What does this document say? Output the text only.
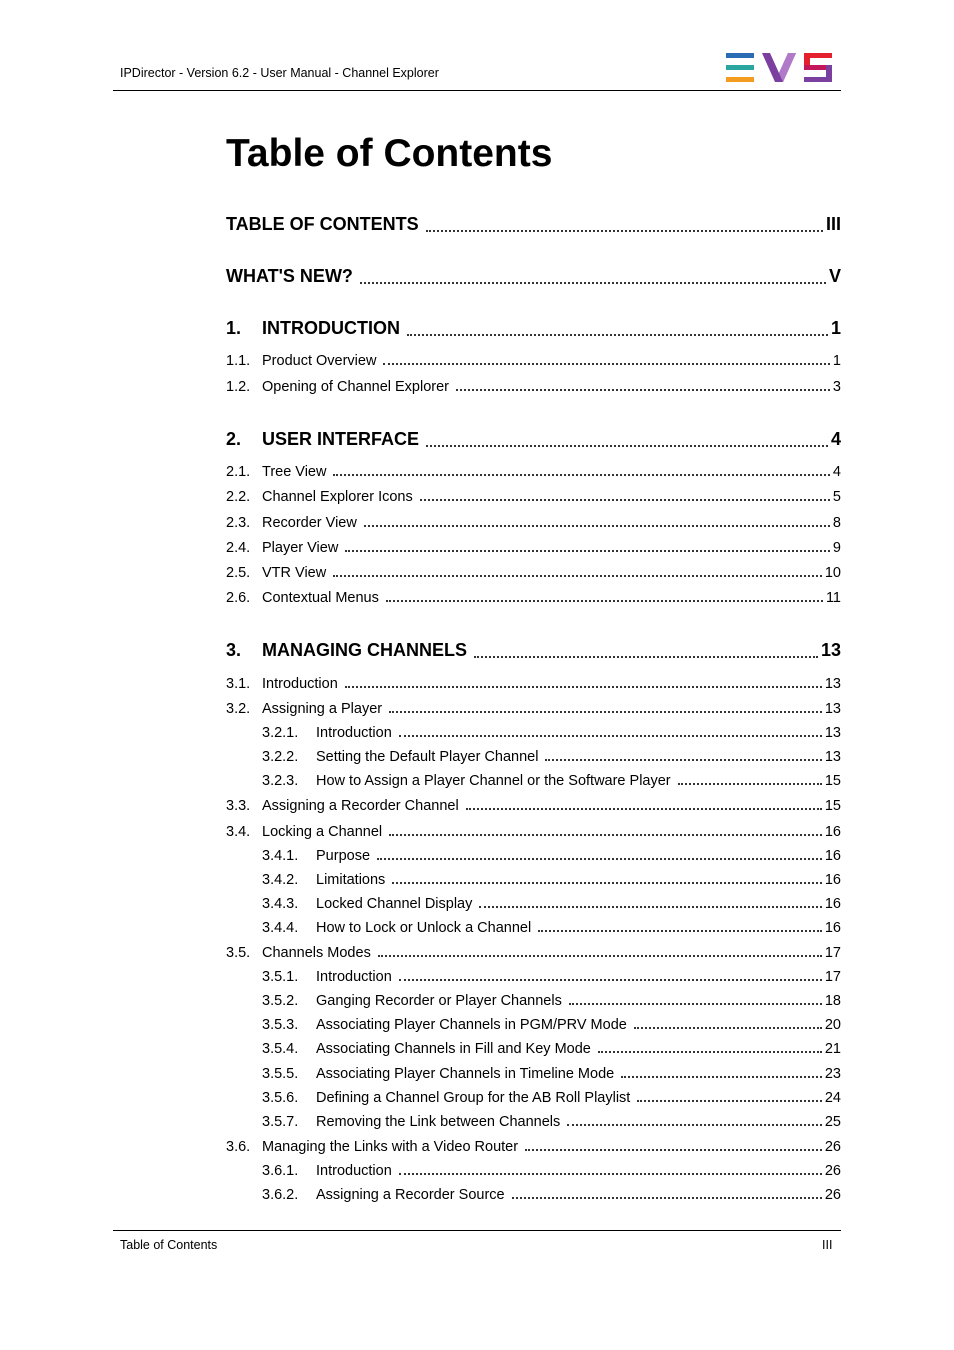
IPDirector - Version 6.2 - User Manual - Channel Explorer
Table of Contents
TABLE OF CONTENTS	III
WHAT'S NEW?	V
1.	INTRODUCTION	1
1.1. Product Overview	1
1.2. Opening of Channel Explorer	3
2.	USER INTERFACE	4
2.1. Tree View	4
2.2. Channel Explorer Icons	5
2.3. Recorder View	8
2.4. Player View	9
2.5. VTR View	10
2.6. Contextual Menus	11
3.	MANAGING CHANNELS	13
3.1. Introduction	13
3.2. Assigning a Player	13
3.2.1.	Introduction	13
3.2.2.	Setting the Default Player Channel	13
3.2.3.	How to Assign a Player Channel or the Software Player	15
3.3. Assigning a Recorder Channel	15
3.4. Locking a Channel	16
3.4.1.	Purpose	16
3.4.2.	Limitations	16
3.4.3.	Locked Channel Display	16
3.4.4.	How to Lock or Unlock a Channel	16
3.5. Channels Modes	17
3.5.1.	Introduction	17
3.5.2.	Ganging Recorder or Player Channels	18
3.5.3.	Associating Player Channels in PGM/PRV Mode	20
3.5.4.	Associating Channels in Fill and Key Mode	21
3.5.5.	Associating Player Channels in Timeline Mode	23
3.5.6.	Defining a Channel Group for the AB Roll Playlist	24
3.5.7.	Removing the Link between Channels	25
3.6. Managing the Links with a Video Router	26
3.6.1.	Introduction	26
3.6.2.	Assigning a Recorder Source	26
Table of Contents	III
